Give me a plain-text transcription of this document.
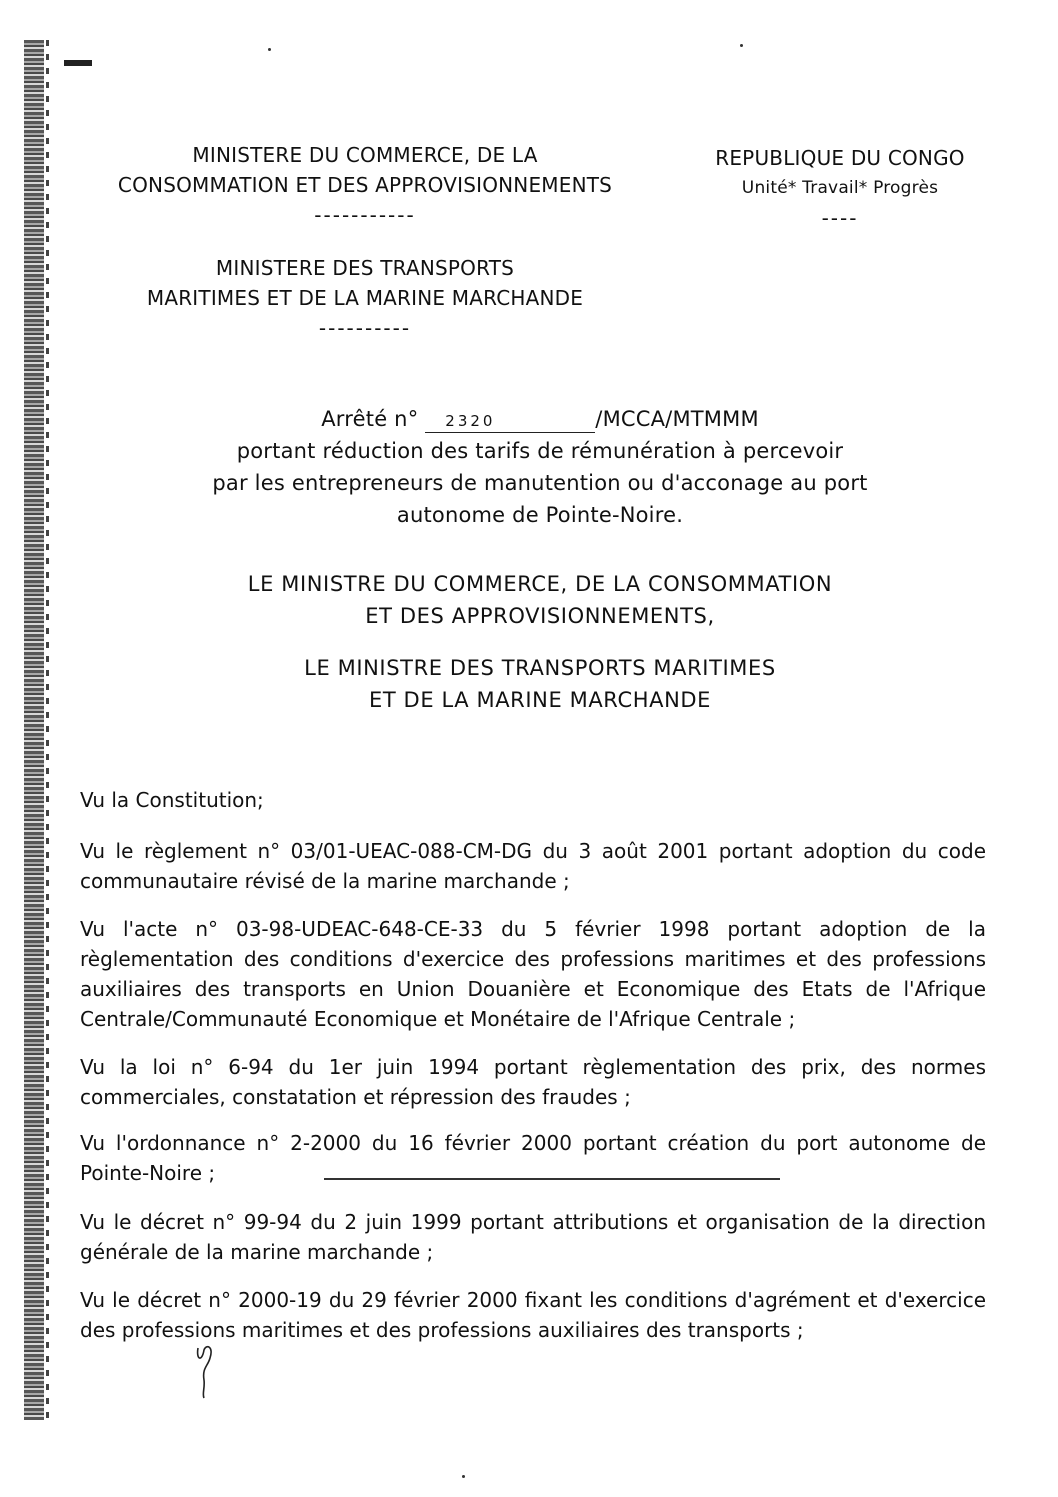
MINISTERE DU COMMERCE, DE LA
CONSOMMATION ET DES APPROVISIONNEMENTS
-----------
REPUBLIQUE DU CONGO
Unité* Travail* Progrès
----
MINISTERE DES TRANSPORTS
MARITIMES ET DE LA MARINE MARCHANDE
----------
Arrêté n° 2320	/MCCA/MTMMM
portant réduction des tarifs de rémunération à percevoir
par les entrepreneurs de manutention ou d'acconage au port
autonome de Pointe-Noire.
LE MINISTRE DU COMMERCE, DE LA CONSOMMATION
ET DES APPROVISIONNEMENTS,
LE MINISTRE DES TRANSPORTS MARITIMES
ET DE LA MARINE MARCHANDE

Vu la Constitution;

Vu le règlement n° 03/01-UEAC-088-CM-DG du 3 août 2001 portant adoption du code communautaire révisé de la marine marchande ;

Vu l'acte n° 03-98-UDEAC-648-CE-33 du 5 février 1998 portant adoption de la règlementation des conditions d'exercice des professions maritimes et des professions auxiliaires des transports en Union Douanière et Economique des Etats de l'Afrique Centrale/Communauté Economique et Monétaire de l'Afrique Centrale ;

Vu la loi n° 6-94 du 1er juin 1994 portant règlementation des prix, des normes commerciales, constatation et répression des fraudes ;

Vu l'ordonnance n° 2-2000 du 16 février 2000 portant création du port autonome de Pointe-Noire ;

Vu le décret n° 99-94 du 2 juin 1999 portant attributions et organisation de la direction générale de la marine marchande ;

Vu le décret n° 2000-19 du 29 février 2000 fixant les conditions d'agrément et d'exercice des professions maritimes et des professions auxiliaires des transports ;
